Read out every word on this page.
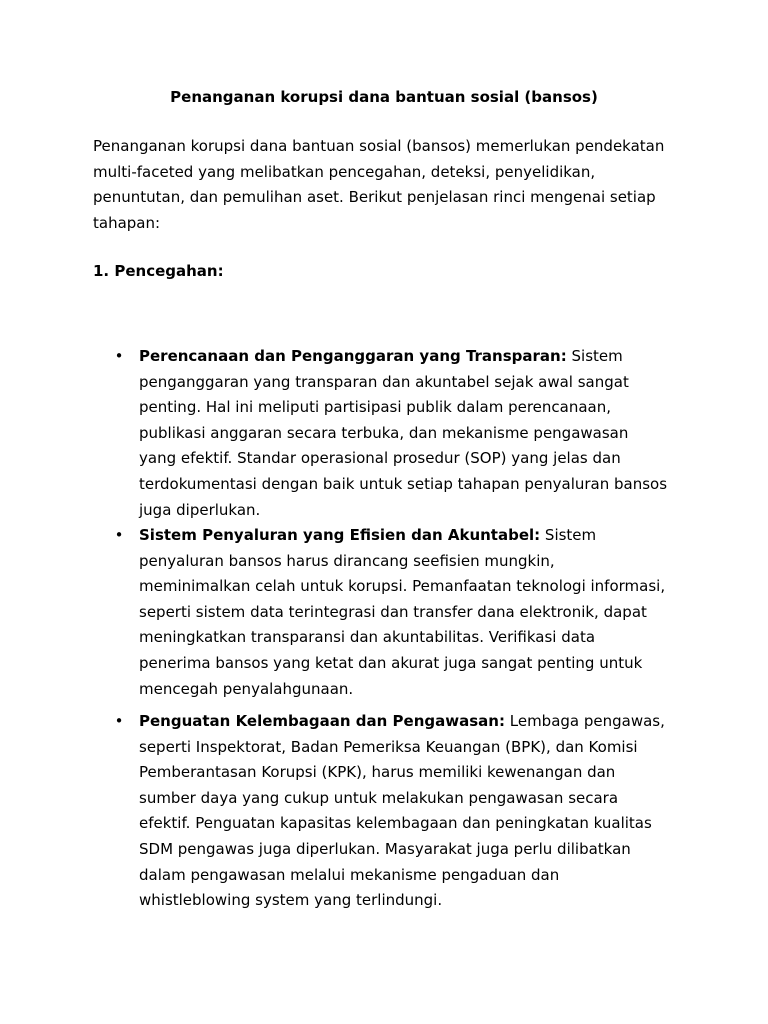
Penanganan korupsi dana bantuan sosial (bansos)

Penanganan korupsi dana bantuan sosial (bansos) memerlukan pendekatan multi-faceted yang melibatkan pencegahan, deteksi, penyelidikan, penuntutan, dan pemulihan aset. Berikut penjelasan rinci mengenai setiap tahapan:

1. Pencegahan:
• Perencanaan dan Penganggaran yang Transparan: Sistem penganggaran yang transparan dan akuntabel sejak awal sangat penting. Hal ini meliputi partisipasi publik dalam perencanaan, publikasi anggaran secara terbuka, dan mekanisme pengawasan yang efektif. Standar operasional prosedur (SOP) yang jelas dan terdokumentasi dengan baik untuk setiap tahapan penyaluran bansos juga diperlukan.
• Sistem Penyaluran yang Efisien dan Akuntabel: Sistem penyaluran bansos harus dirancang seefisien mungkin, meminimalkan celah untuk korupsi. Pemanfaatan teknologi informasi, seperti sistem data terintegrasi dan transfer dana elektronik, dapat meningkatkan transparansi dan akuntabilitas. Verifikasi data penerima bansos yang ketat dan akurat juga sangat penting untuk mencegah penyalahgunaan.
• Penguatan Kelembagaan dan Pengawasan: Lembaga pengawas, seperti Inspektorat, Badan Pemeriksa Keuangan (BPK), dan Komisi Pemberantasan Korupsi (KPK), harus memiliki kewenangan dan sumber daya yang cukup untuk melakukan pengawasan secara efektif. Penguatan kapasitas kelembagaan dan peningkatan kualitas SDM pengawas juga diperlukan. Masyarakat juga perlu dilibatkan dalam pengawasan melalui mekanisme pengaduan dan whistleblowing system yang terlindungi.
